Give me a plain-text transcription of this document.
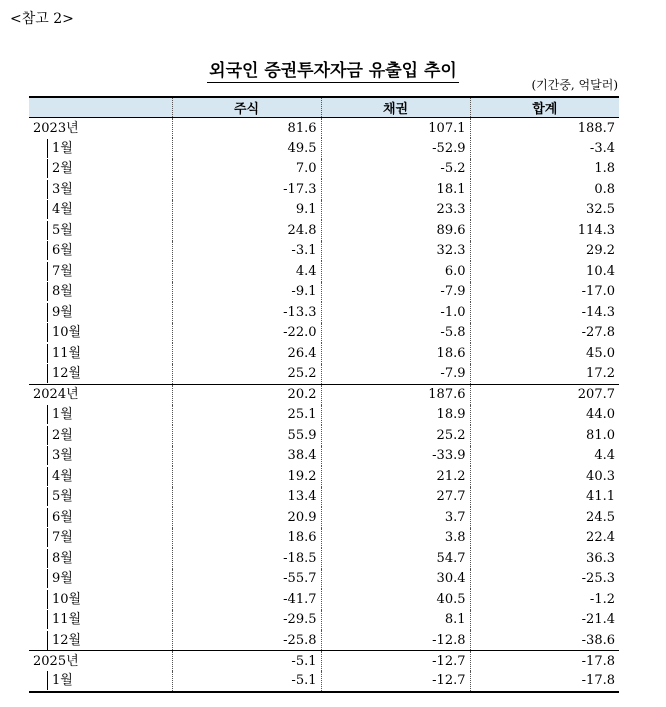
<참고 2>
외국인 증권투자자금 유출입 추이
(기간중, 억달러)
	주식	채권	합계
2023년	81.6	107.1	188.7
1월	49.5	-52.9	-3.4
2월	7.0	-5.2	1.8
3월	-17.3	18.1	0.8
4월	9.1	23.3	32.5
5월	24.8	89.6	114.3
6월	-3.1	32.3	29.2
7월	4.4	6.0	10.4
8월	-9.1	-7.9	-17.0
9월	-13.3	-1.0	-14.3
10월	-22.0	-5.8	-27.8
11월	26.4	18.6	45.0
12월	25.2	-7.9	17.2
2024년	20.2	187.6	207.7
1월	25.1	18.9	44.0
2월	55.9	25.2	81.0
3월	38.4	-33.9	4.4
4월	19.2	21.2	40.3
5월	13.4	27.7	41.1
6월	20.9	3.7	24.5
7월	18.6	3.8	22.4
8월	-18.5	54.7	36.3
9월	-55.7	30.4	-25.3
10월	-41.7	40.5	-1.2
11월	-29.5	8.1	-21.4
12월	-25.8	-12.8	-38.6
2025년	-5.1	-12.7	-17.8
1월	-5.1	-12.7	-17.8
